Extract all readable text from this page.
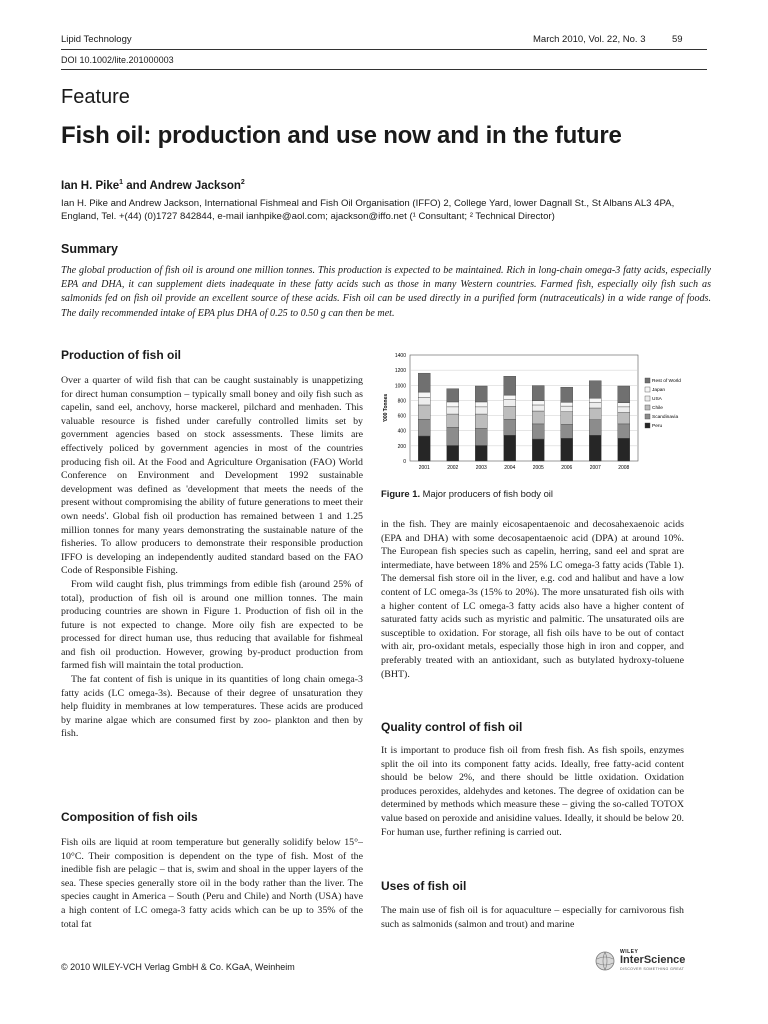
Lipid Technology	March 2010, Vol. 22, No. 3	59
DOI 10.1002/lite.201000003
Feature
Fish oil: production and use now and in the future
Ian H. Pike$^1$ and Andrew Jackson$^2$
Ian H. Pike and Andrew Jackson, International Fishmeal and Fish Oil Organisation (IFFO) 2, College Yard, lower Dagnall St., St Albans AL3 4PA, England, Tel. +(44) (0)1727 842844, e-mail ianhpike@aol.com; ajackson@iffo.net (¹ Consultant; ² Technical Director)
Summary
The global production of fish oil is around one million tonnes. This production is expected to be maintained. Rich in long-chain omega-3 fatty acids, especially EPA and DHA, it can supplement diets inadequate in these fatty acids such as those in many Western countries. Farmed fish, especially oily fish such as salmonids fed on fish oil provide an excellent source of these acids. Fish oil can be used directly in a purified form (nutraceuticals) in a wide range of foods. The daily recommended intake of EPA plus DHA of 0.25 to 0.50 g can then be met.
Production of fish oil

Over a quarter of wild fish that can be caught sustainably is unappetizing for direct human consumption – typically small boney and oily fish such as capelin, sand eel, anchovy, horse mackerel, pilchard and menhaden. This valuable resource is fished under carefully controlled limits set by government agencies based on stock assessments. These limits are effectively policed by government agencies in most of the countries producing fish oil. At the Food and Agriculture Organisation (FAO) World Conference on Environment and Development 1992 sustainable development was defined as 'development that meets the needs of the present without compromising the ability of future generations to meet their own needs'. Global fish oil production has remained between 1 and 1.25 million tonnes for many years demonstrating the sustainable nature of the fisheries. To allow producers to demonstrate their responsible production IFFO is developing an independently audited standard based on the FAO Code of Responsible Fishing.

From wild caught fish, plus trimmings from edible fish (around 25% of total), production of fish oil is around one million tonnes. The main producing countries are shown in Figure 1. Production of fish oil in the future is not expected to change. More oily fish are expected to be processed for direct human use, thus reducing that available for fishmeal and fish oil production. However, growing by-product production from farmed fish will maintain the total production.

The fat content of fish is unique in its quantities of long chain omega-3 fatty acids (LC omega-3s). Because of their degree of unsaturation they help fluidity in membranes at low temperatures. These acids are produced by marine algae which are consumed first by zoo- plankton and then by fish.

Composition of fish oils

Fish oils are liquid at room temperature but generally solidify below 15°–10°C. Their composition is dependent on the type of fish. Most of the inedible fish are pelagic – that is, swim and shoal in the upper layers of the sea. These species generally store oil in the body rather than the liver. The species caught in America – South (Peru and Chile) and North (USA) have a high content of LC omega-3 fatty acids which can be up to 35% of the total fat

0
200
400
600
800
1000
1200
1400
'000 Tonnes
2001	2002	2003	2004	2005	2006	2007	2008
Rest of World
Japan
USA
Chile
Scandinavia
Peru
Figure 1. Major producers of fish body oil

in the fish. They are mainly eicosapentaenoic and decosahexaenoic acids (EPA and DHA) with some decosapentaenoic acid (DPA) at around 10%. The European fish species such as capelin, herring, sand eel and sprat are intermediate, have between 18% and 25% LC omega-3 fatty acids (Table 1). The demersal fish store oil in the liver, e.g. cod and halibut and have a low content of LC omega-3s (15% to 20%). The more unsaturated fish oils with a higher content of LC omega-3 fatty acids also have a higher content of saturated fatty acids such as myristic and palmitic. The unsaturated oils are susceptible to oxidation. For storage, all fish oils have to be out of contact with air, pro-oxidant metals, especially those high in iron and copper, and preferably treated with an antioxidant, such as butylated hydroxy-toluene (BHT).

Quality control of fish oil

It is important to produce fish oil from fresh fish. As fish spoils, enzymes split the oil into its component fatty acids. Ideally, free fatty-acid content should be below 2%, and there should be little oxidation. Oxidation produces peroxides, aldehydes and ketones. The degree of oxidation can be determined by methods which measure these – giving the so-called TOTOX value based on peroxide and anisidine values. Ideally, it should be below 20. For human use, further refining is carried out.

Uses of fish oil

The main use of fish oil is for aquaculture – especially for carnivorous fish such as salmonids (salmon and trout) and marine

© 2010 WILEY-VCH Verlag GmbH & Co. KGaA, Weinheim
WILEY
InterScience
DISCOVER SOMETHING GREAT
